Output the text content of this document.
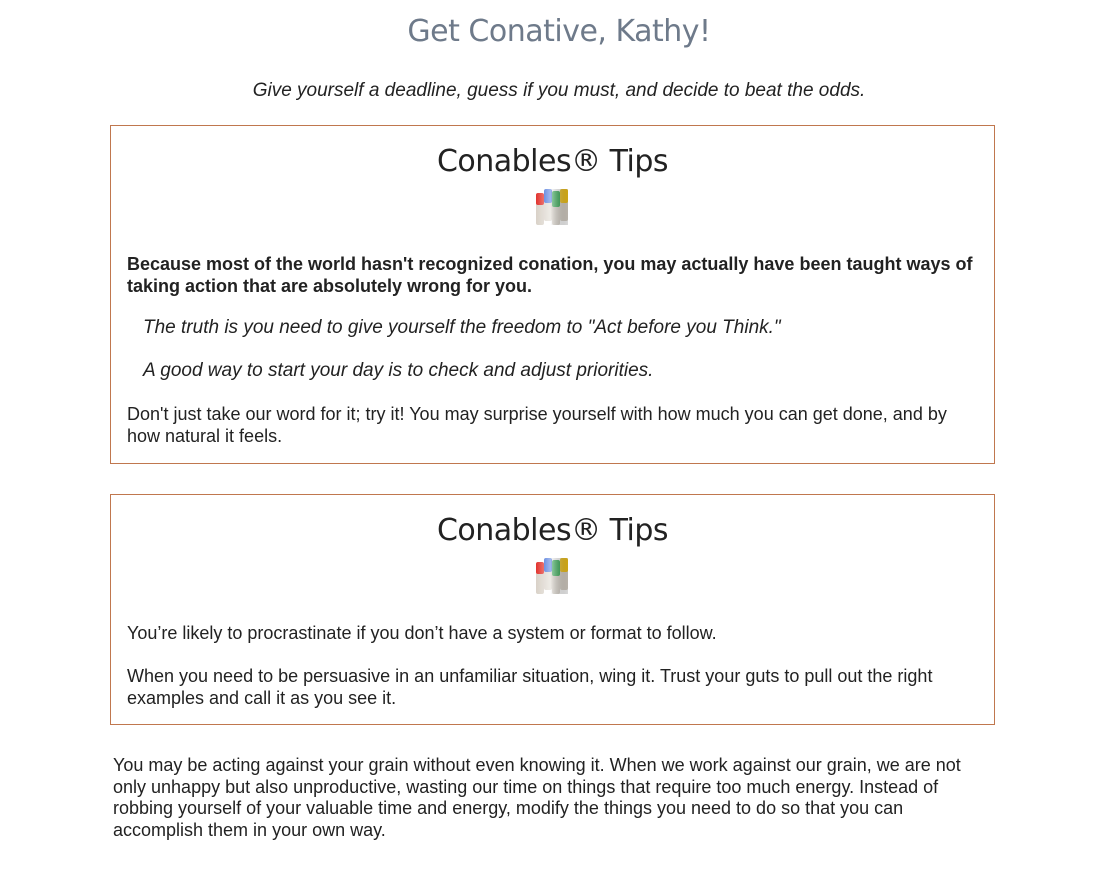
Get Conative, Kathy!
Give yourself a deadline, guess if you must, and decide to beat the odds.
Conables® Tips
Because most of the world hasn't recognized conation, you may actually have been taught ways of taking action that are absolutely wrong for you.
The truth is you need to give yourself the freedom to "Act before you Think."
A good way to start your day is to check and adjust priorities.
Don't just take our word for it; try it! You may surprise yourself with how much you can get done, and by how natural it feels.
Conables® Tips
You’re likely to procrastinate if you don’t have a system or format to follow.
When you need to be persuasive in an unfamiliar situation, wing it. Trust your guts to pull out the right examples and call it as you see it.
You may be acting against your grain without even knowing it. When we work against our grain, we are not only unhappy but also unproductive, wasting our time on things that require too much energy. Instead of robbing yourself of your valuable time and energy, modify the things you need to do so that you can accomplish them in your own way.
